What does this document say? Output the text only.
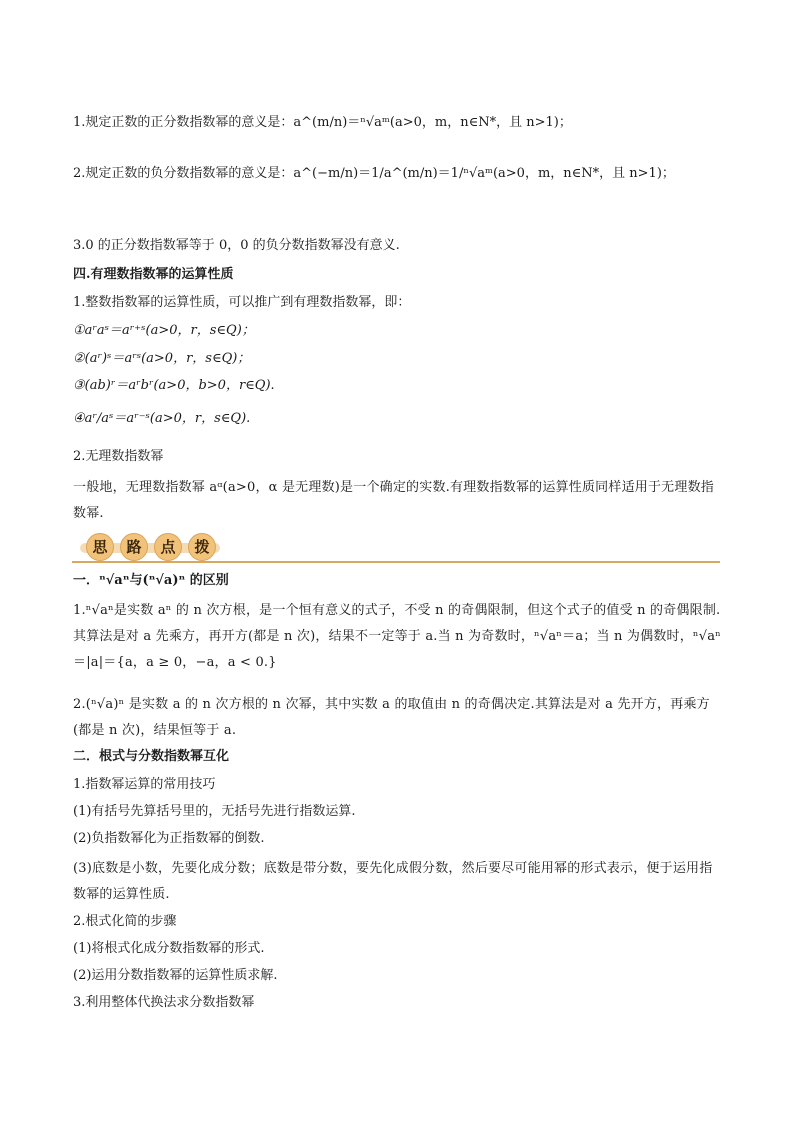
1.规定正数的正分数指数幂的意义是：a^(m/n)＝ⁿ√aᵐ(a>0，m，n∈N*，且 n>1)；
2.规定正数的负分数指数幂的意义是：a^(−m/n)＝1/a^(m/n)＝1/ⁿ√aᵐ(a>0，m，n∈N*，且 n>1)；
3.0 的正分数指数幂等于 0，0 的负分数指数幂没有意义.
四.有理数指数幂的运算性质
1.整数指数幂的运算性质，可以推广到有理数指数幂，即：
①aʳaˢ＝aʳ⁺ˢ(a>0，r，s∈Q)；
②(aʳ)ˢ＝aʳˢ(a>0，r，s∈Q)；
③(ab)ʳ＝aʳbʳ(a>0，b>0，r∈Q).
④aʳ/aˢ＝aʳ⁻ˢ(a>0，r，s∈Q).
2.无理数指数幂
一般地，无理数指数幂 aᵅ(a>0，α 是无理数)是一个确定的实数.有理数指数幂的运算性质同样适用于无理数指数幂.
思	路	点	拨
一．ⁿ√aⁿ与(ⁿ√a)ⁿ 的区别
1.ⁿ√aⁿ是实数 aⁿ 的 n 次方根，是一个恒有意义的式子，不受 n 的奇偶限制，但这个式子的值受 n 的奇偶限制.其算法是对 a 先乘方，再开方(都是 n 次)，结果不一定等于 a.当 n 为奇数时，ⁿ√aⁿ＝a；当 n 为偶数时，ⁿ√aⁿ＝|a|＝{a，a ≥ 0，−a，a < 0.}
2.(ⁿ√a)ⁿ 是实数 a 的 n 次方根的 n 次幂，其中实数 a 的取值由 n 的奇偶决定.其算法是对 a 先开方，再乘方(都是 n 次)，结果恒等于 a.
二．根式与分数指数幂互化
1.指数幂运算的常用技巧
(1)有括号先算括号里的，无括号先进行指数运算.
(2)负指数幂化为正指数幂的倒数.
(3)底数是小数，先要化成分数；底数是带分数，要先化成假分数，然后要尽可能用幂的形式表示，便于运用指数幂的运算性质.
2.根式化简的步骤
(1)将根式化成分数指数幂的形式.
(2)运用分数指数幂的运算性质求解.
3.利用整体代换法求分数指数幂
